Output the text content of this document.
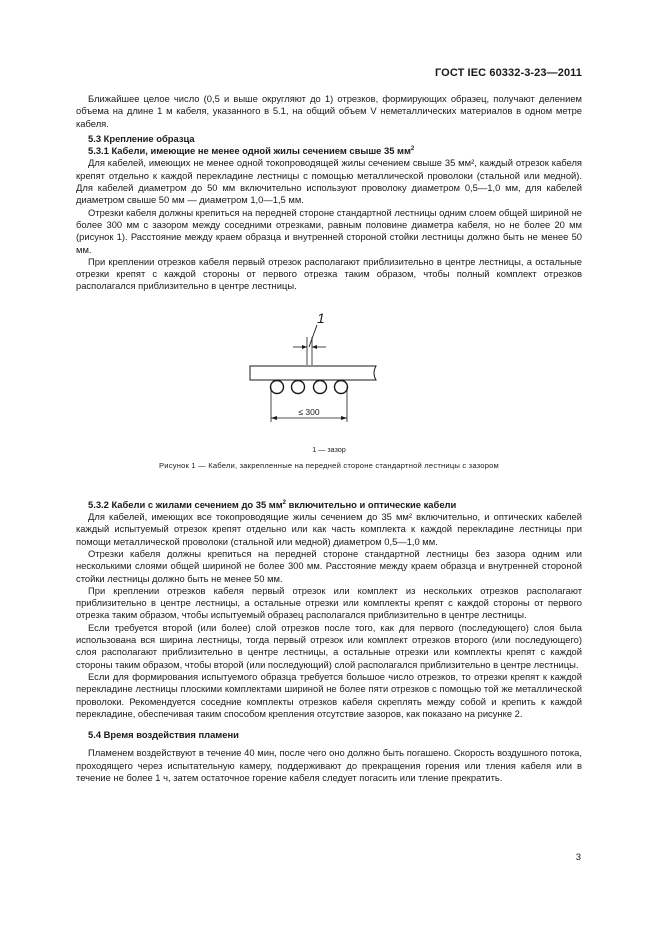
ГОСТ IEC 60332-3-23—2011

Ближайшее целое число (0,5 и выше округляют до 1) отрезков, формирующих образец, получают делением объема на длине 1 м кабеля, указанного в 5.1, на общий объем V неметаллических материалов в одном метре кабеля.

5.3 Крепление образца
5.3.1 Кабели, имеющие не менее одной жилы сечением свыше 35 $мм^2$

Для кабелей, имеющих не менее одной токопроводящей жилы сечением свыше 35 мм², каждый отрезок кабеля крепят отдельно к каждой перекладине лестницы с помощью металлической проволоки (стальной или медной). Для кабелей диаметром до 50 мм включительно используют проволоку диаметром 0,5—1,0 мм, для кабелей диаметром свыше 50 мм — диаметром 1,0—1,5 мм.

Отрезки кабеля должны крепиться на передней стороне стандартной лестницы одним слоем общей шириной не более 300 мм с зазором между соседними отрезками, равным половине диаметра кабеля, но не более 20 мм (рисунок 1). Расстояние между краем образца и внутренней стороной стойки лестницы должно быть не менее 50 мм.

При креплении отрезков кабеля первый отрезок располагают приблизительно в центре лестницы, а остальные отрезки крепят с каждой стороны от первого отрезка таким образом, чтобы полный комплект отрезков располагался приблизительно в центре лестницы.

1
≤ 300
1 — зазор
Рисунок 1 — Кабели, закрепленные на передней стороне стандартной лестницы с зазором
5.3.2 Кабели с жилами сечением до 35 $мм^2$ включительно и оптические кабели

Для кабелей, имеющих все токопроводящие жилы сечением до 35 мм² включительно, и оптических кабелей каждый испытуемый отрезок крепят отдельно или как часть комплекта к каждой перекладине лестницы при помощи металлической проволоки (стальной или медной) диаметром 0,5—1,0 мм.

Отрезки кабеля должны крепиться на передней стороне стандартной лестницы без зазора одним или несколькими слоями общей шириной не более 300 мм. Расстояние между краем образца и внутренней стороной стойки лестницы должно быть не менее 50 мм.

При креплении отрезков кабеля первый отрезок или комплект из нескольких отрезков располагают приблизительно в центре лестницы, а остальные отрезки или комплекты крепят с каждой стороны от первого отрезка таким образом, чтобы испытуемый образец располагался приблизительно в центре лестницы.

Если требуется второй (или более) слой отрезков после того, как для первого (последующего) слоя была использована вся ширина лестницы, тогда первый отрезок или комплект отрезков второго (или последующего) слоя располагают приблизительно в центре лестницы, а остальные отрезки или комплекты крепят с каждой стороны таким образом, чтобы второй (или последующий) слой располагался приблизительно в центре лестницы.

Если для формирования испытуемого образца требуется большое число отрезков, то отрезки крепят к каждой перекладине лестницы плоскими комплектами шириной не более пяти отрезков с помощью той же металлической проволоки. Рекомендуется соседние комплекты отрезков кабеля скреплять между собой и крепить к каждой перекладине, обеспечивая таким способом крепления отсутствие зазоров, как показано на рисунке 2.

5.4 Время воздействия пламени

Пламенем воздействуют в течение 40 мин, после чего оно должно быть погашено. Скорость воздушного потока, проходящего через испытательную камеру, поддерживают до прекращения горения или тления кабеля или в течение не более 1 ч, затем остаточное горение кабеля следует погасить или тление прекратить.

3
